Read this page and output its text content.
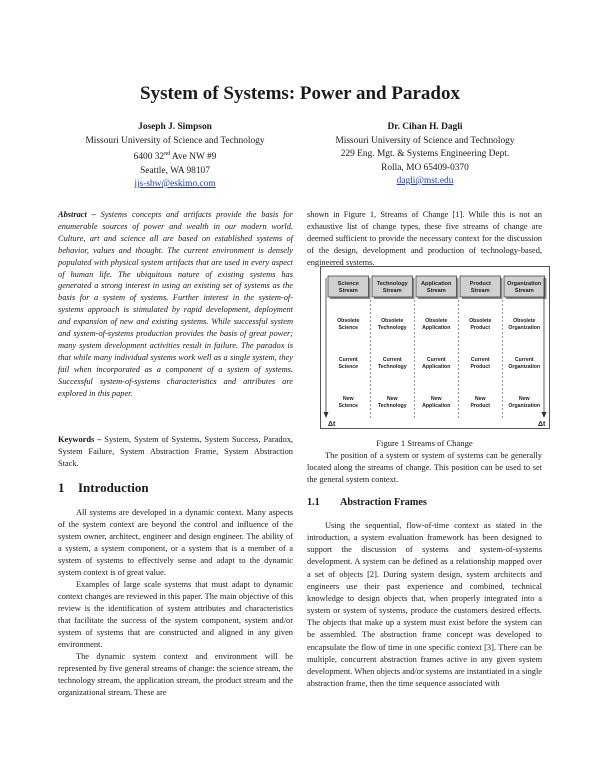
System of Systems: Power and Paradox
Joseph J. Simpson
Missouri University of Science and Technology
6400 32nd Ave NW #9
Seattle, WA 98107
jjs-sbw@eskimo.com
Dr. Cihan H. Dagli
Missouri University of Science and Technology
229 Eng. Mgt. & Systems Engineering Dept.
Rolla, MO 65409-0370
dagli@mst.edu

Abstract – Systems concepts and artifacts provide the basis for enumerable sources of power and wealth in our modern world. Culture, art and science all are based on established systems of behavior, values and thought. The current environment is densely populated with physical system artifacts that are used in every aspect of human life. The ubiquitous nature of existing systems has generated a strong interest in using an existing set of systems as the basis for a system of systems. Further interest in the system-of-systems approach is stimulated by rapid development, deployment and expansion of new and existing systems. While successful system and system-of-systems production provides the basis of great power; many system development activities result in failure. The paradox is that while many individual systems work well as a single system, they fail when incorporated as a component of a system of systems. Successful system-of-systems characteristics and attributes are explored in this paper.

Keywords – System, System of Systems, System Success, Paradox, System Failure, System Abstraction Frame, System Abstraction Stack.

1 Introduction

All systems are developed in a dynamic context. Many aspects of the system context are beyond the control and influence of the system owner, architect, engineer and design engineer. The ability of a system, a system component, or a system that is a member of a system of systems to effectively sense and adapt to the dynamic system context is of great value.

Examples of large scale systems that must adapt to dynamic context changes are reviewed in this paper. The main objective of this review is the identification of system attributes and characteristics that facilitate the success of the system component, system and/or system of systems that are constructed and aligned in any given environment.

The dynamic system context and environment will be represented by five general streams of change: the science stream, the technology stream, the application stream, the product stream and the organizational stream. These are

shown in Figure 1, Streams of Change [1]. While this is not an exhaustive list of change types, these five streams of change are deemed sufficient to provide the necessary context for the discussion of the design, development and production of technology-based, engineered systems.

Science Stream
Obsolete Science
Current Science
New Science
Technology Stream
Obsolete Technology
Current Technology
New Technology
Application Stream
Obsolete Application
Current Application
New Application
Product Stream
Obsolete Product
Current Product
New Product
Organization Stream
Obsolete Organization
Current Organization
New Organization
Δt	Δt
Figure 1 Streams of Change

The position of a system or system of systems can be generally located along the streams of change. This position can be used to set the general system context.

1.1 Abstraction Frames

Using the sequential, flow-of-time context as stated in the introduction, a system evaluation framework has been designed to support the discussion of systems and system-of-systems development. A system can be defined as a relationship mapped over a set of objects [2]. During system design, system architects and engineers use their past experience and combined, technical knowledge to design objects that, when properly integrated into a system or system of systems, produce the customers desired effects. The objects that make up a system must exist before the system can be assembled. The abstraction frame concept was developed to encapsulate the flow of time in one specific context [3]. There can be multiple, concurrent abstraction frames active in any given system development. When objects and/or systems are instantiated in a single abstraction frame, then the time sequence associated with
